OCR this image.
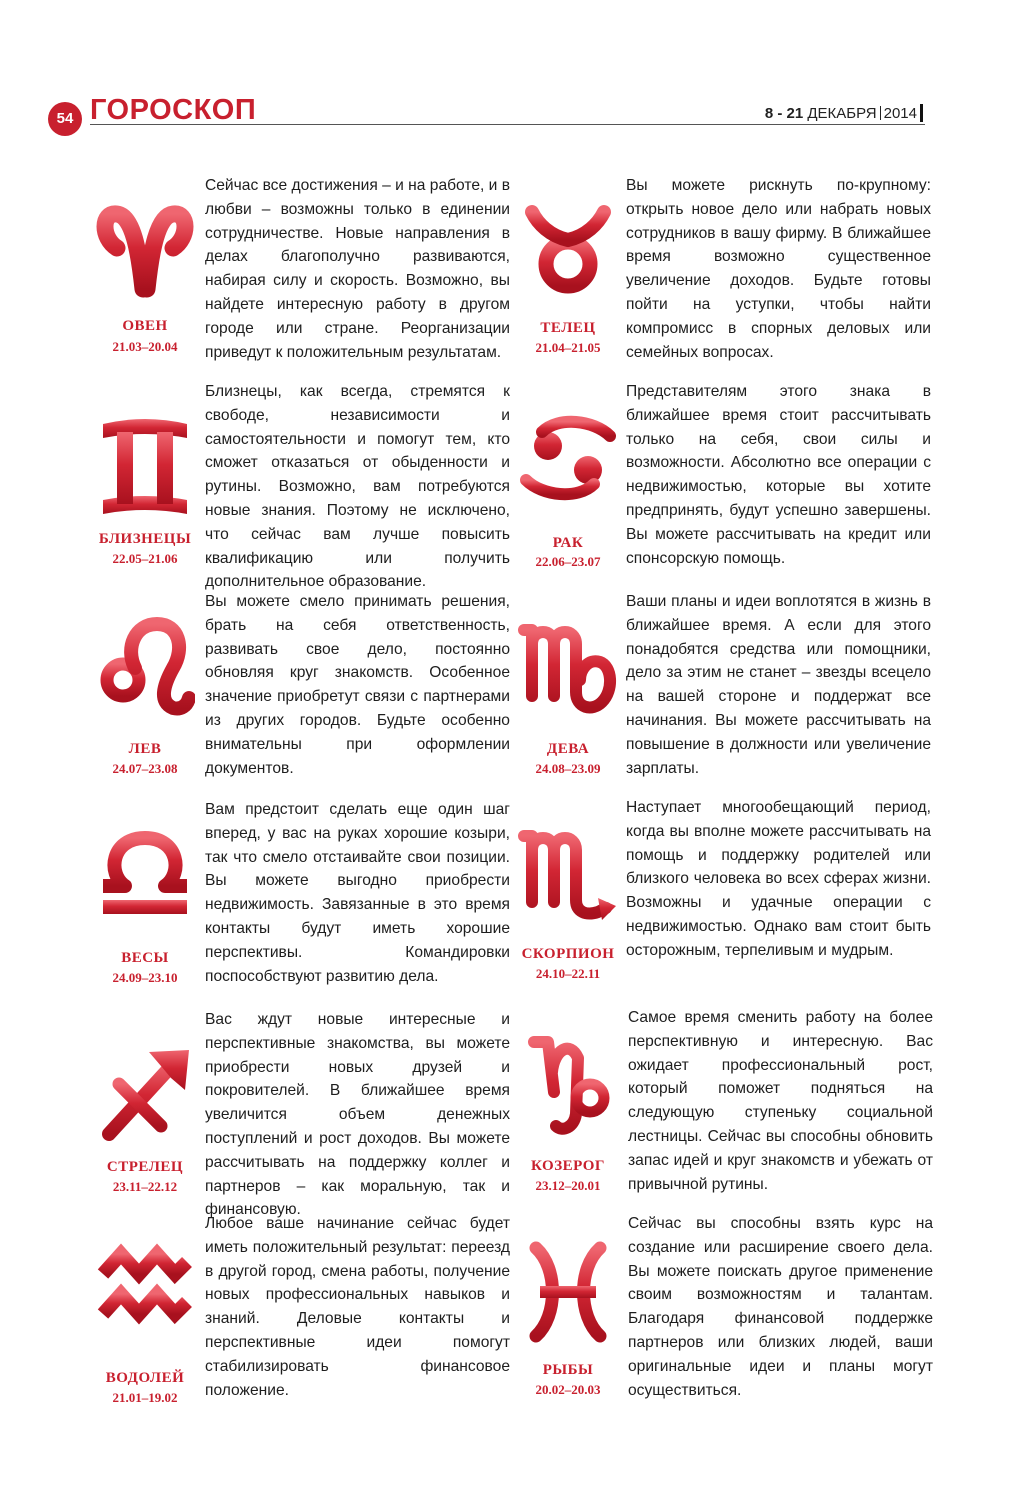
54 ГОРОСКОП	8 - 21 ДЕКАБРЯ 2014
ОВЕН
21.03–20.04
Сейчас все достижения – и на работе, и в любви – возможны только в единении сотрудничестве. Новые направления в делах благополучно развиваются, набирая силу и скорость. Возможно, вы найдете интересную работу в другом городе или стране. Реорганизации приведут к положительным результатам.
ТЕЛЕЦ
21.04–21.05
Вы можете рискнуть по-крупному: открыть новое дело или набрать новых сотрудников в вашу фирму. В ближайшее время возможно существенное увеличение доходов. Будьте готовы пойти на уступки, чтобы найти компромисс в спорных деловых или семейных вопросах.
БЛИЗНЕЦЫ
22.05–21.06
Близнецы, как всегда, стремятся к свободе, независимости и самостоятельности и помогут тем, кто сможет отказаться от обыденности и рутины. Возможно, вам потребуются новые знания. Поэтому не исключено, что сейчас вам лучше повысить квалификацию или получить дополнительное образование.
РАК
22.06–23.07
Представителям этого знака в ближайшее время стоит рассчитывать только на себя, свои силы и возможности. Абсолютно все операции с недвижимостью, которые вы хотите предпринять, будут успешно завершены. Вы можете рассчитывать на кредит или спонсорскую помощь.
ЛЕВ
24.07–23.08
Вы можете смело принимать решения, брать на себя ответственность, развивать свое дело, постоянно обновляя круг знакомств. Особенное значение приобретут связи с партнерами из других городов. Будьте особенно внимательны при оформлении документов.
ДЕВА
24.08–23.09
Ваши планы и идеи воплотятся в жизнь в ближайшее время. А если для этого понадобятся средства или помощники, дело за этим не станет – звезды всецело на вашей стороне и поддержат все начинания. Вы можете рассчитывать на повышение в должности или увеличение зарплаты.
ВЕСЫ
24.09–23.10
Вам предстоит сделать еще один шаг вперед, у вас на руках хорошие козыри, так что смело отстаивайте свои позиции. Вы можете выгодно приобрести недвижимость. Завязанные в это время контакты будут иметь хорошие перспективы. Командировки поспособствуют развитию дела.
СКОРПИОН
24.10–22.11
Наступает многообещающий период, когда вы вполне можете рассчитывать на помощь и поддержку родителей или близкого человека во всех сферах жизни. Возможны и удачные операции с недвижимостью. Однако вам стоит быть осторожным, терпеливым и мудрым.
СТРЕЛЕЦ
23.11–22.12
Вас ждут новые интересные и перспективные знакомства, вы можете приобрести новых друзей и покровителей. В ближайшее время увеличится объем денежных поступлений и рост доходов. Вы можете рассчитывать на поддержку коллег и партнеров – как моральную, так и финансовую.
КОЗЕРОГ
23.12–20.01
Самое время сменить работу на более перспективную и интересную. Вас ожидает профессиональный рост, который поможет подняться на следующую ступеньку социальной лестницы. Сейчас вы способны обновить запас идей и круг знакомств и убежать от привычной рутины.
ВОДОЛЕЙ
21.01–19.02
Любое ваше начинание сейчас будет иметь положительный результат: переезд в другой город, смена работы, получение новых профессиональных навыков и знаний. Деловые контакты и перспективные идеи помогут стабилизировать финансовое положение.
РЫБЫ
20.02–20.03
Сейчас вы способны взять курс на создание или расширение своего дела. Вы можете поискать другое применение своим возможностям и талантам. Благодаря финансовой поддержке партнеров или близких людей, ваши оригинальные идеи и планы могут осуществиться.
